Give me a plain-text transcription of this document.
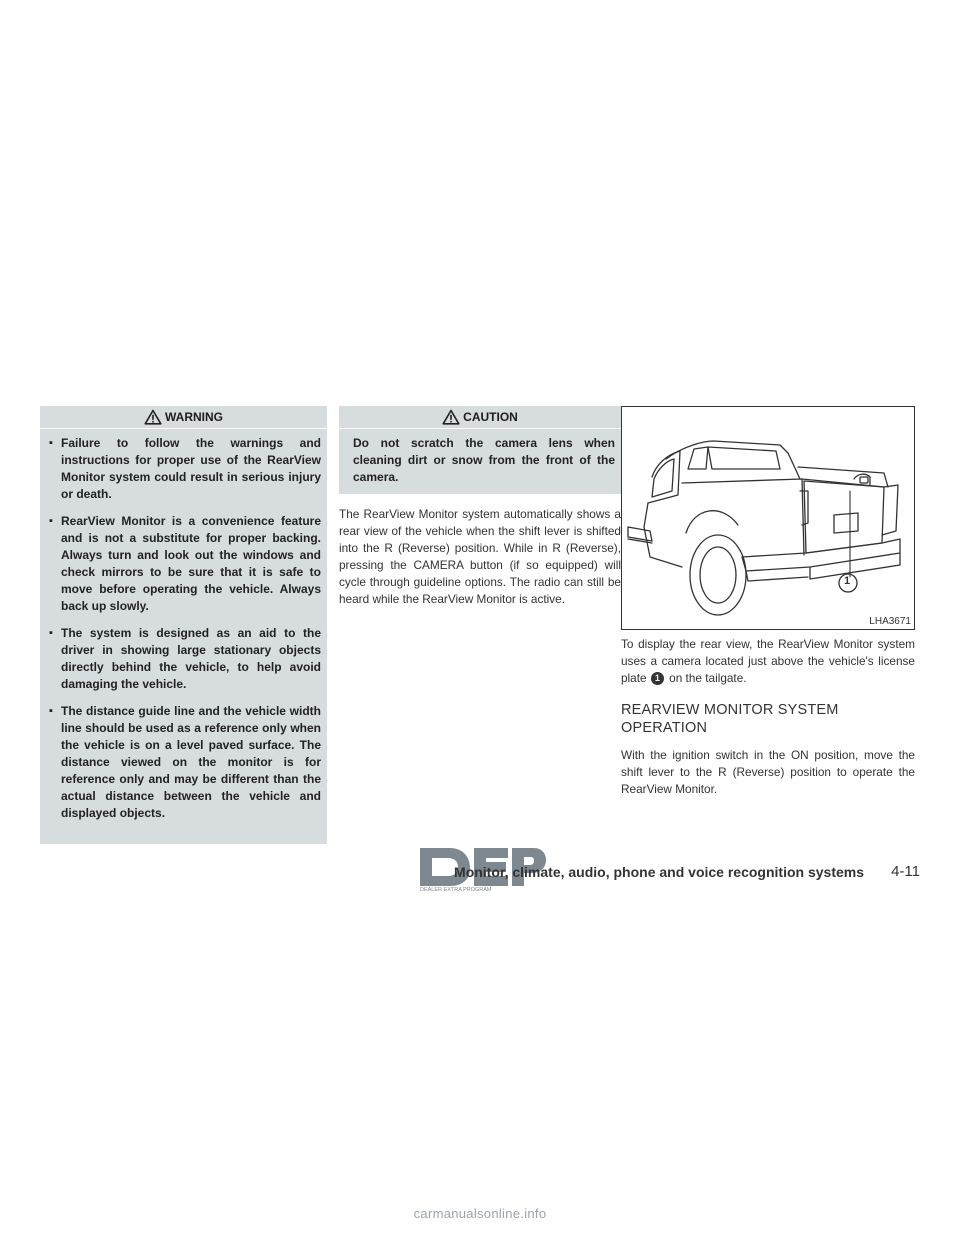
WARNING
▪ Failure to follow the warnings and instructions for proper use of the RearView Monitor system could result in serious injury or death.
▪ RearView Monitor is a convenience feature and is not a substitute for proper backing. Always turn and look out the windows and check mirrors to be sure that it is safe to move before operating the vehicle. Always back up slowly.
▪ The system is designed as an aid to the driver in showing large stationary objects directly behind the vehicle, to help avoid damaging the vehicle.
▪ The distance guide line and the vehicle width line should be used as a reference only when the vehicle is on a level paved surface. The distance viewed on the monitor is for reference only and may be different than the actual distance between the vehicle and displayed objects.
CAUTION

Do not scratch the camera lens when cleaning dirt or snow from the front of the camera.

The RearView Monitor system automatically shows a rear view of the vehicle when the shift lever is shifted into the R (Reverse) position. While in R (Reverse), pressing the CAMERA button (if so equipped) will cycle through guideline options. The radio can still be heard while the RearView Monitor is active.

1
LHA3671

To display the rear view, the RearView Monitor system uses a camera located just above the vehicle's license plate 1 on the tailgate.

REARVIEW MONITOR SYSTEM OPERATION

With the ignition switch in the ON position, move the shift lever to the R (Reverse) position to operate the RearView Monitor.

DEALER EXTRA PROGRAM
Monitor, climate, audio, phone and voice recognition systems 4-11
carmanualsonline.info
